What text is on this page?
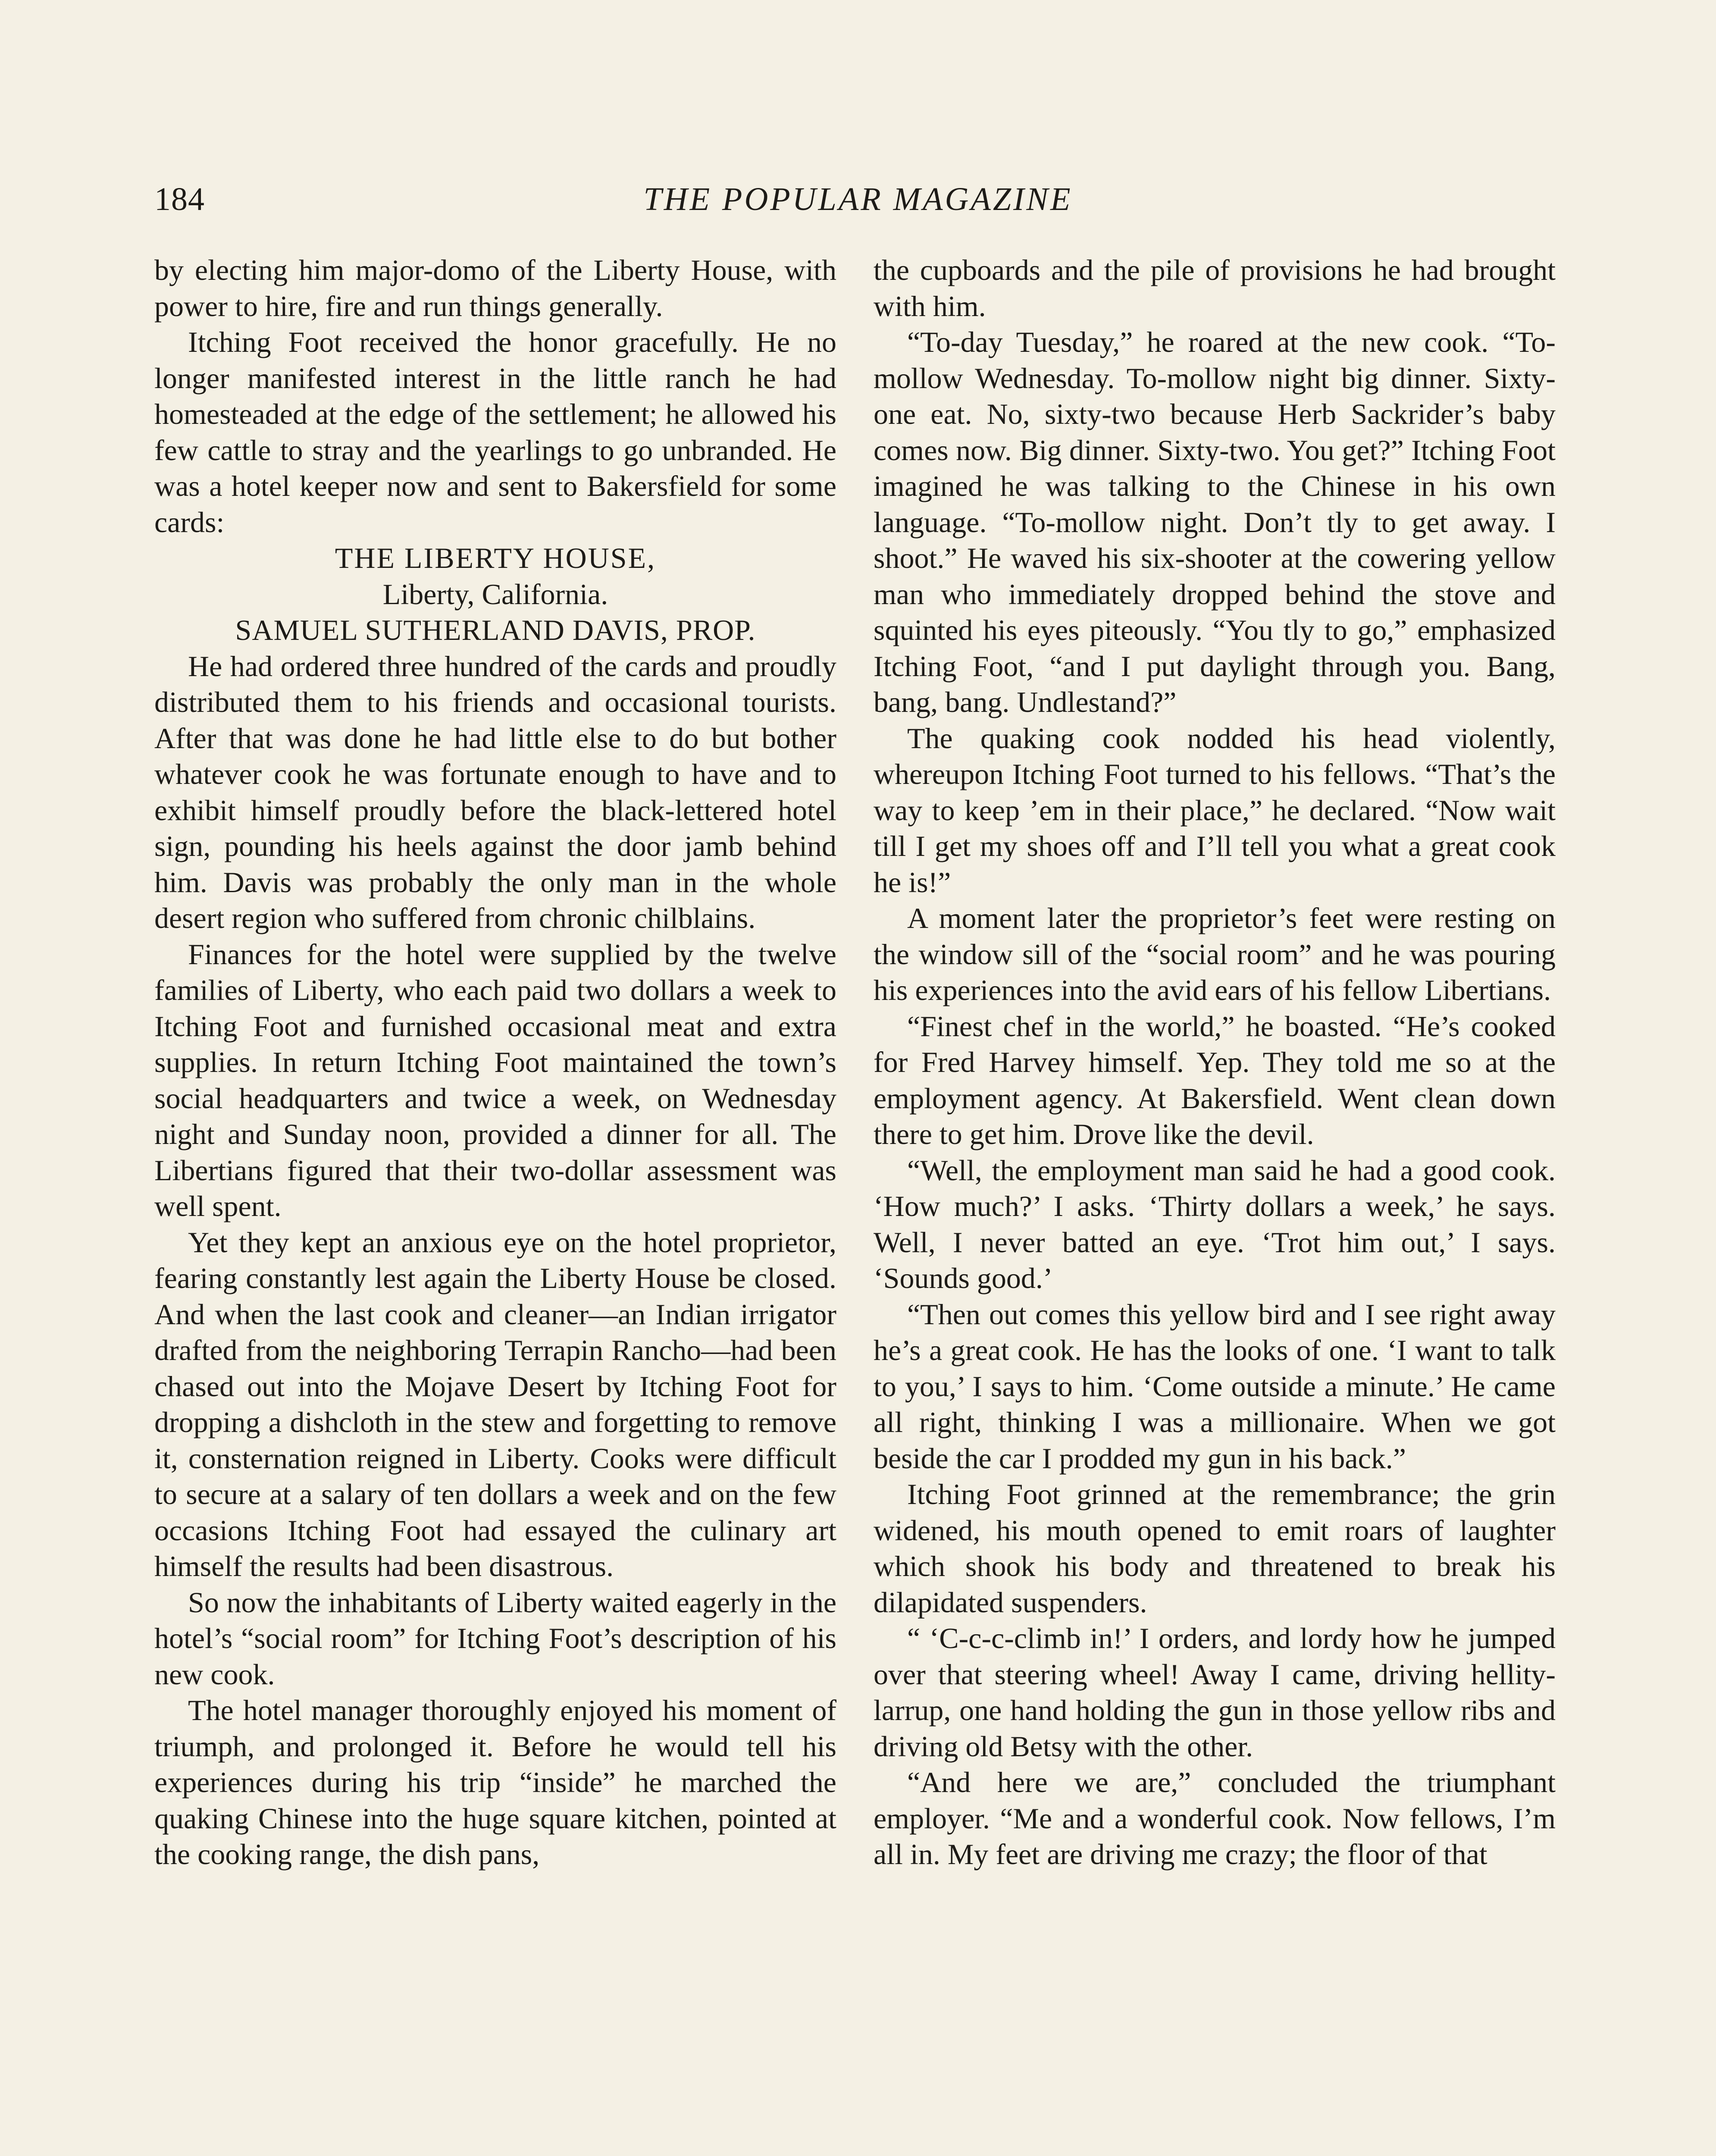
184	THE POPULAR MAGAZINE

by electing him major-domo of the Liberty House, with power to hire, fire and run things generally.

Itching Foot received the honor gracefully. He no longer manifested interest in the little ranch he had homesteaded at the edge of the settlement; he allowed his few cattle to stray and the yearlings to go unbranded. He was a hotel keeper now and sent to Bakersfield for some cards:

THE LIBERTY HOUSE,
Liberty, California.
SAMUEL SUTHERLAND DAVIS, PROP.

He had ordered three hundred of the cards and proudly distributed them to his friends and occasional tourists. After that was done he had little else to do but bother whatever cook he was fortunate enough to have and to exhibit himself proudly before the black-lettered hotel sign, pounding his heels against the door jamb behind him. Davis was probably the only man in the whole desert region who suffered from chronic chilblains.

Finances for the hotel were supplied by the twelve families of Liberty, who each paid two dollars a week to Itching Foot and furnished occasional meat and extra supplies. In return Itching Foot maintained the town’s social headquarters and twice a week, on Wednesday night and Sunday noon, provided a dinner for all. The Libertians figured that their two-dollar assessment was well spent.

Yet they kept an anxious eye on the hotel proprietor, fearing constantly lest again the Liberty House be closed. And when the last cook and cleaner—an Indian irrigator drafted from the neighboring Terrapin Rancho—had been chased out into the Mojave Desert by Itching Foot for dropping a dishcloth in the stew and forgetting to remove it, consternation reigned in Liberty. Cooks were difficult to secure at a salary of ten dollars a week and on the few occasions Itching Foot had essayed the culinary art himself the results had been disastrous.

So now the inhabitants of Liberty waited eagerly in the hotel’s “social room” for Itching Foot’s description of his new cook.

The hotel manager thoroughly enjoyed his moment of triumph, and prolonged it. Before he would tell his experiences during his trip “inside” he marched the quaking Chinese into the huge square kitchen, pointed at the cooking range, the dish pans,

the cupboards and the pile of provisions he had brought with him.

“To-day Tuesday,” he roared at the new cook. “To-mollow Wednesday. To-mollow night big dinner. Sixty-one eat. No, sixty-two because Herb Sackrider’s baby comes now. Big dinner. Sixty-two. You get?” Itching Foot imagined he was talking to the Chinese in his own language. “To-mollow night. Don’t tly to get away. I shoot.” He waved his six-shooter at the cowering yellow man who immediately dropped behind the stove and squinted his eyes piteously. “You tly to go,” emphasized Itching Foot, “and I put daylight through you. Bang, bang, bang. Undlestand?”

The quaking cook nodded his head violently, whereupon Itching Foot turned to his fellows. “That’s the way to keep ’em in their place,” he declared. “Now wait till I get my shoes off and I’ll tell you what a great cook he is!”

A moment later the proprietor’s feet were resting on the window sill of the “social room” and he was pouring his experiences into the avid ears of his fellow Libertians.

“Finest chef in the world,” he boasted. “He’s cooked for Fred Harvey himself. Yep. They told me so at the employment agency. At Bakersfield. Went clean down there to get him. Drove like the devil.

“Well, the employment man said he had a good cook. ‘How much?’ I asks. ‘Thirty dollars a week,’ he says. Well, I never batted an eye. ‘Trot him out,’ I says. ‘Sounds good.’

“Then out comes this yellow bird and I see right away he’s a great cook. He has the looks of one. ‘I want to talk to you,’ I says to him. ‘Come outside a minute.’ He came all right, thinking I was a millionaire. When we got beside the car I prodded my gun in his back.”

Itching Foot grinned at the remembrance; the grin widened, his mouth opened to emit roars of laughter which shook his body and threatened to break his dilapidated suspenders.

“ ‘C-c-c-climb in!’ I orders, and lordy how he jumped over that steering wheel! Away I came, driving hellity-larrup, one hand holding the gun in those yellow ribs and driving old Betsy with the other.

“And here we are,” concluded the triumphant employer. “Me and a wonderful cook. Now fellows, I’m all in. My feet are driving me crazy; the floor of that
